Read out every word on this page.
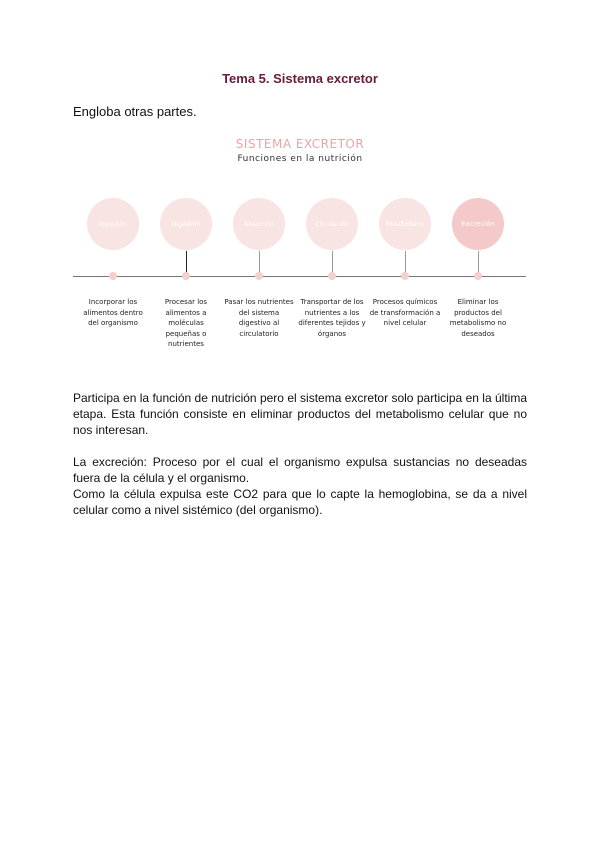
Tema 5. Sistema excretor
Engloba otras partes.
SISTEMA EXCRETOR
Funciones en la nutrición
Ingestión
Incorporar los alimentos dentro del organismo
Digestión
Procesar los alimentos a moléculas pequeñas o nutrientes
Absorción
Pasar los nutrientes del sistema digestivo al circulatorio
Circulación
Transportar de los nutrientes a los diferentes tejidos y órganos
Metabolismo
Procesos químicos de transformación a nivel celular
Excreción
Eliminar los productos del metabolismo no deseados
Participa en la función de nutrición pero el sistema excretor solo participa en la última etapa. Esta función consiste en eliminar productos del metabolismo celular que no nos interesan.
La excreción: Proceso por el cual el organismo expulsa sustancias no deseadas fuera de la célula y el organismo.
Como la célula expulsa este CO2 para que lo capte la hemoglobina, se da a nivel celular como a nivel sistémico (del organismo).
